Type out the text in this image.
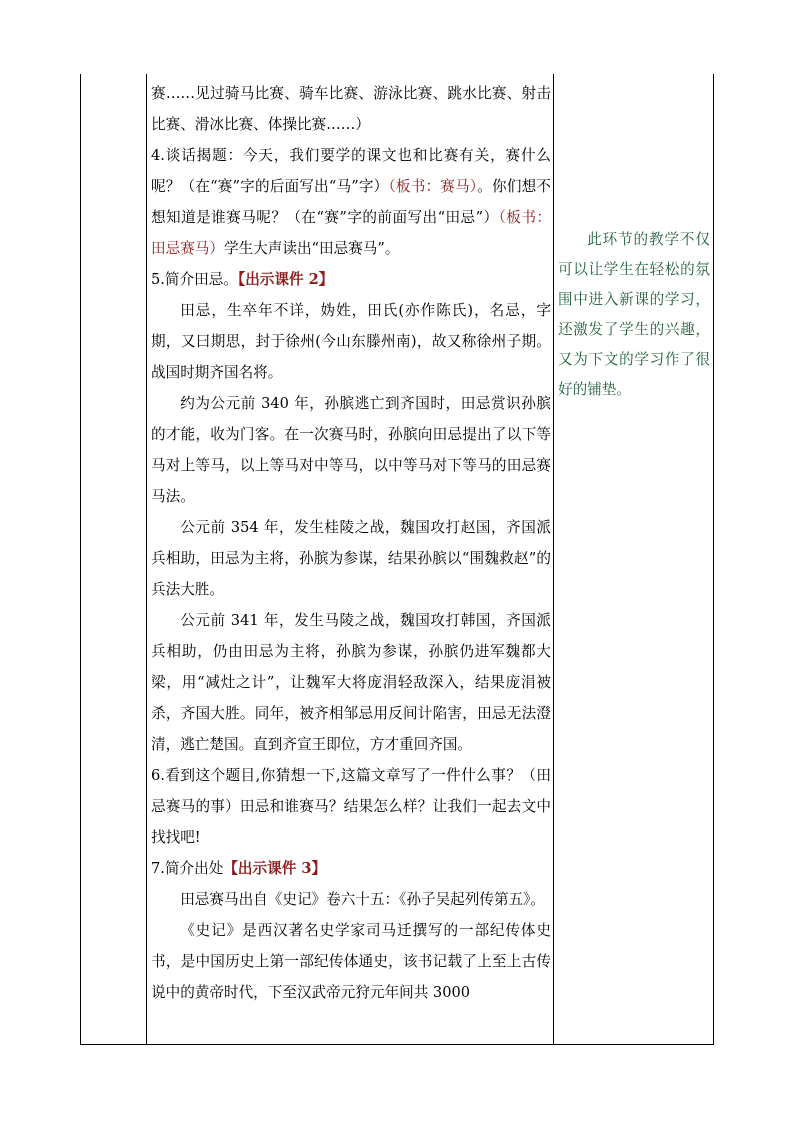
赛……见过骑马比赛、骑车比赛、游泳比赛、跳水比赛、射击比赛、滑冰比赛、体操比赛……）

4.谈话揭题：今天，我们要学的课文也和比赛有关，赛什么呢？（在“赛”字的后面写出“马”字）（板书：赛马）。你们想不想知道是谁赛马呢？（在“赛”字的前面写出“田忌”）（板书：田忌赛马）学生大声读出“田忌赛马”。

5.简介田忌。【出示课件 2】

田忌，生卒年不详，妫姓，田氏(亦作陈氏)，名忌，字期，又曰期思，封于徐州(今山东滕州南)，故又称徐州子期。战国时期齐国名将。

约为公元前 340 年，孙膑逃亡到齐国时，田忌赏识孙膑的才能，收为门客。在一次赛马时，孙膑向田忌提出了以下等马对上等马，以上等马对中等马，以中等马对下等马的田忌赛马法。

公元前 354 年，发生桂陵之战，魏国攻打赵国，齐国派兵相助，田忌为主将，孙膑为参谋，结果孙膑以“围魏救赵”的兵法大胜。

公元前 341 年，发生马陵之战，魏国攻打韩国，齐国派兵相助，仍由田忌为主将，孙膑为参谋，孙膑仍进军魏都大梁，用“减灶之计”，让魏军大将庞涓轻敌深入，结果庞涓被杀，齐国大胜。同年，被齐相邹忌用反间计陷害，田忌无法澄清，逃亡楚国。直到齐宣王即位，方才重回齐国。

6.看到这个题目,你猜想一下,这篇文章写了一件什么事？（田忌赛马的事）田忌和谁赛马？结果怎么样？让我们一起去文中找找吧!

7.简介出处【出示课件 3】

田忌赛马出自《史记》卷六十五：《孙子吴起列传第五》。

《史记》是西汉著名史学家司马迁撰写的一部纪传体史书，是中国历史上第一部纪传体通史，该书记载了上至上古传说中的黄帝时代，下至汉武帝元狩元年间共 3000

此环节的教学不仅可以让学生在轻松的氛围中进入新课的学习，还激发了学生的兴趣，又为下文的学习作了很好的铺垫。
